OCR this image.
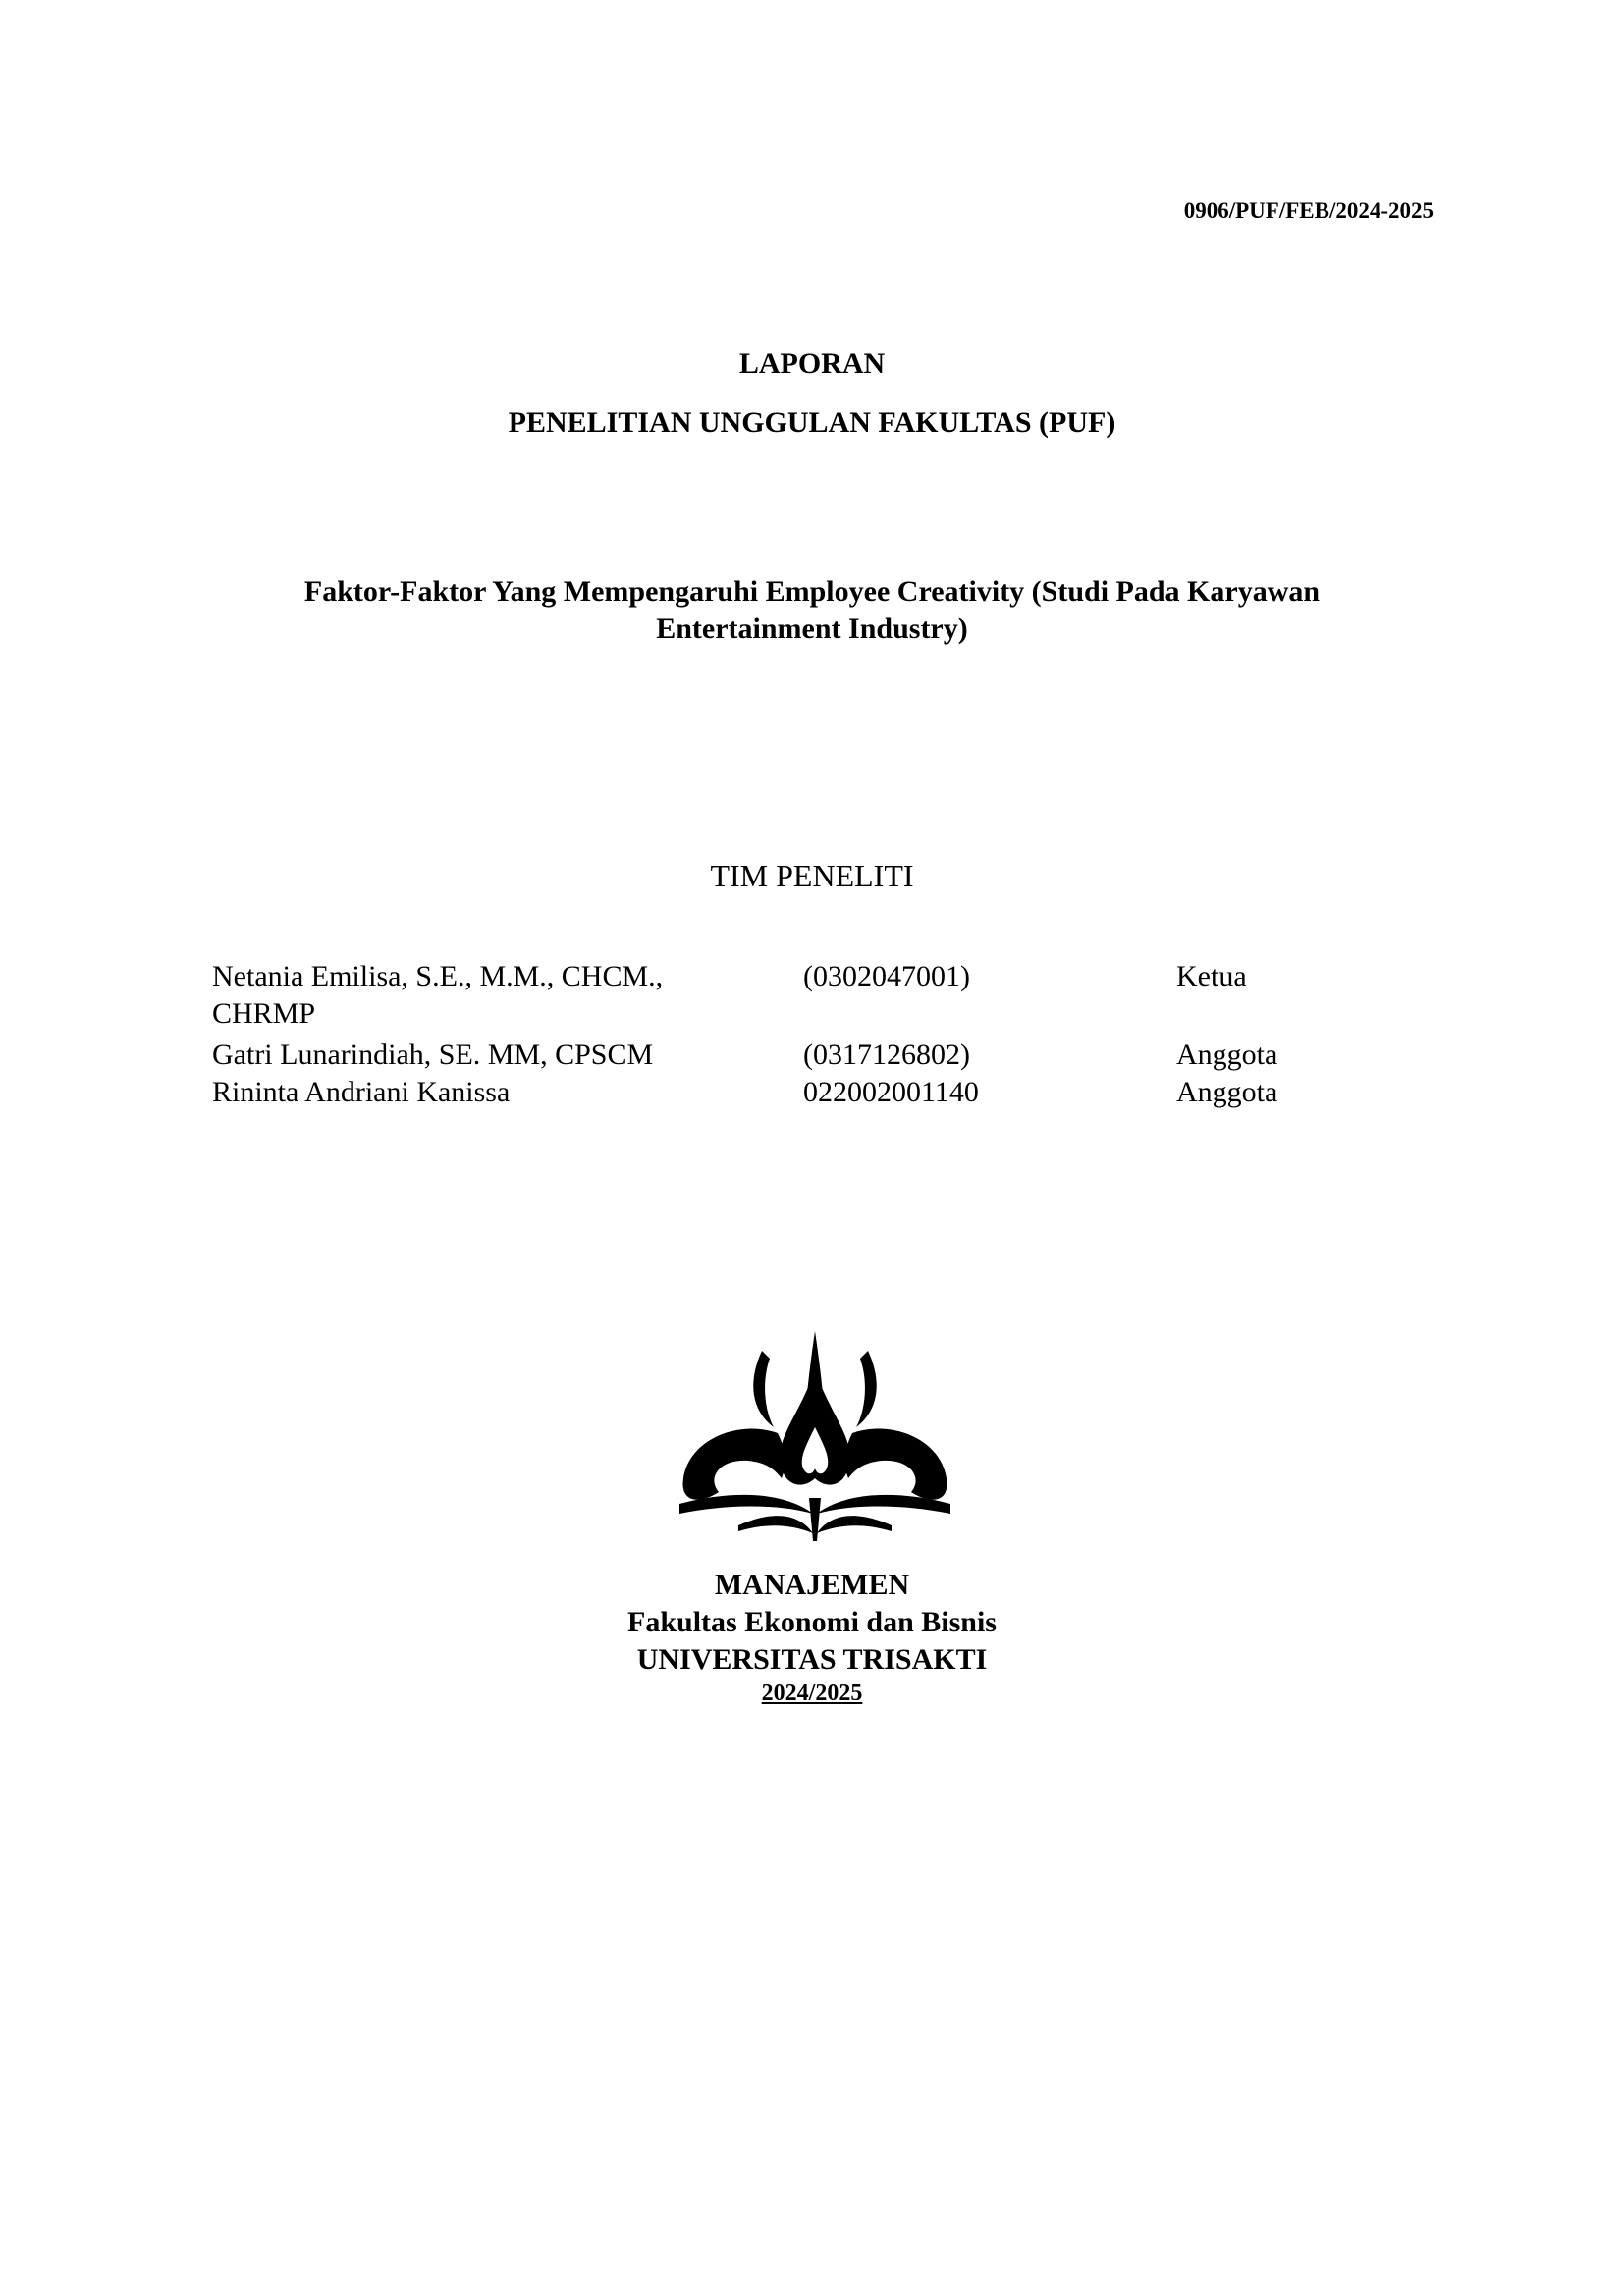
0906/PUF/FEB/2024-2025
LAPORAN
PENELITIAN UNGGULAN FAKULTAS (PUF)
Faktor-Faktor Yang Mempengaruhi Employee Creativity (Studi Pada Karyawan
Entertainment Industry)
TIM PENELITI
Netania Emilisa, S.E., M.M., CHCM.,
CHRMP
(0302047001)	Ketua
Gatri Lunarindiah, SE. MM, CPSCM	(0317126802)	Anggota
Rininta Andriani Kanissa	022002001140	Anggota
MANAJEMEN
Fakultas Ekonomi dan Bisnis
UNIVERSITAS TRISAKTI
2024/2025
